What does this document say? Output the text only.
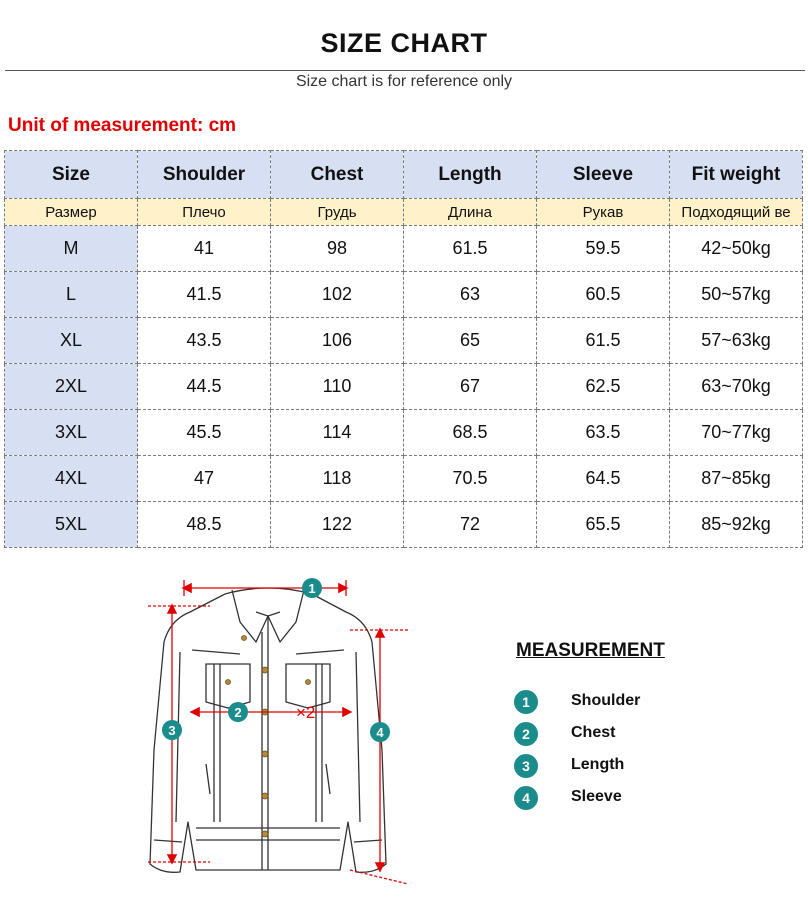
SIZE CHART
Size chart is for reference only
Unit of measurement: cm
Size	Shoulder	Chest	Length	Sleeve	Fit weight
Размер	Плечо	Грудь	Длина	Рукав	Подходящий ве
M	41	98	61.5	59.5	42~50kg
L	41.5	102	63	60.5	50~57kg
XL	43.5	106	65	61.5	57~63kg
2XL	44.5	110	67	62.5	63~70kg
3XL	45.5	114	68.5	63.5	70~77kg
4XL	47	118	70.5	64.5	87~85kg
5XL	48.5	122	72	65.5	85~92kg
1
2	×2
3	4
MEASUREMENT
1	Shoulder
2	Chest
3	Length
4	Sleeve
